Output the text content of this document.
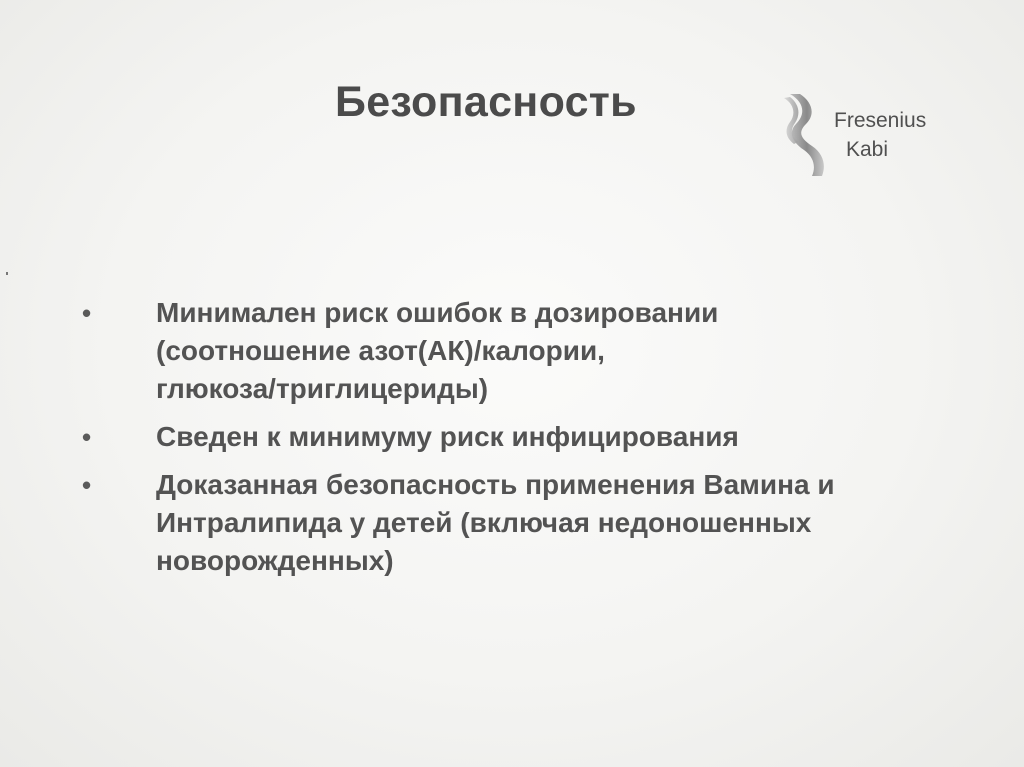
Безопасность	Fresenius
Kabi
•	Минимален риск ошибок в дозировании
(соотношение азот(АК)/калории,
глюкоза/триглицериды)
•	Сведен к минимуму риск инфицирования
•	Доказанная безопасность применения Вамина и
Интралипида у детей (включая недоношенных
новорожденных)
